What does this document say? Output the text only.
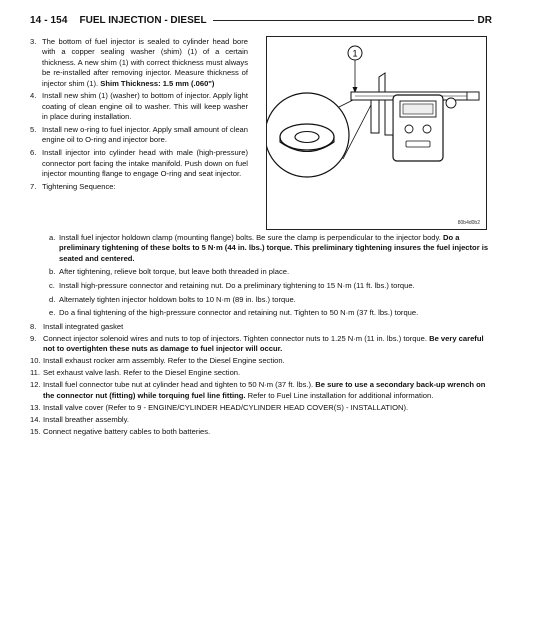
14 - 154 FUEL INJECTION - DIESEL	DR
3. The bottom of fuel injector is sealed to cylinder head bore with a copper sealing washer (shim) (1) of a certain thickness. A new shim (1) with correct thickness must always be re-installed after removing injector. Measure thickness of injector shim (1). Shim Thickness: 1.5 mm (.060")
4. Install new shim (1) (washer) to bottom of injector. Apply light coating of clean engine oil to washer. This will keep washer in place during installation.
5. Install new o-ring to fuel injector. Apply small amount of clean engine oil to O-ring and injector bore.
6. Install injector into cylinder head with male (high-pressure) connector port facing the intake manifold. Push down on fuel injector mounting flange to engage O-ring and seat injector.
7. Tightening Sequence:
1
80b4d0b2
a. Install fuel injector holdown clamp (mounting flange) bolts. Be sure the clamp is perpendicular to the injector body. Do a preliminary tightening of these bolts to 5 N·m (44 in. lbs.) torque. This preliminary tightening insures the fuel injector is seated and centered.
b. After tightening, relieve bolt torque, but leave both threaded in place.
c. Install high-pressure connector and retaining nut. Do a preliminary tightening to 15 N·m (11 ft. lbs.) torque.
d. Alternately tighten injector holdown bolts to 10 N·m (89 in. lbs.) torque.
e. Do a final tightening of the high-pressure connector and retaining nut. Tighten to 50 N·m (37 ft. lbs.) torque.
8. Install integrated gasket
9. Connect injector solenoid wires and nuts to top of injectors. Tighten connector nuts to 1.25 N·m (11 in. lbs.) torque. Be very careful not to overtighten these nuts as damage to fuel injector will occur.
10. Install exhaust rocker arm assembly. Refer to the Diesel Engine section.
11. Set exhaust valve lash. Refer to the Diesel Engine section.
12. Install fuel connector tube nut at cylinder head and tighten to 50 N·m (37 ft. lbs.). Be sure to use a secondary back-up wrench on the connector nut (fitting) while torquing fuel line fitting. Refer to Fuel Line installation for additional information.
13. Install valve cover (Refer to 9 - ENGINE/CYLINDER HEAD/CYLINDER HEAD COVER(S) - INSTALLATION).
14. Install breather assembly.
15. Connect negative battery cables to both batteries.
